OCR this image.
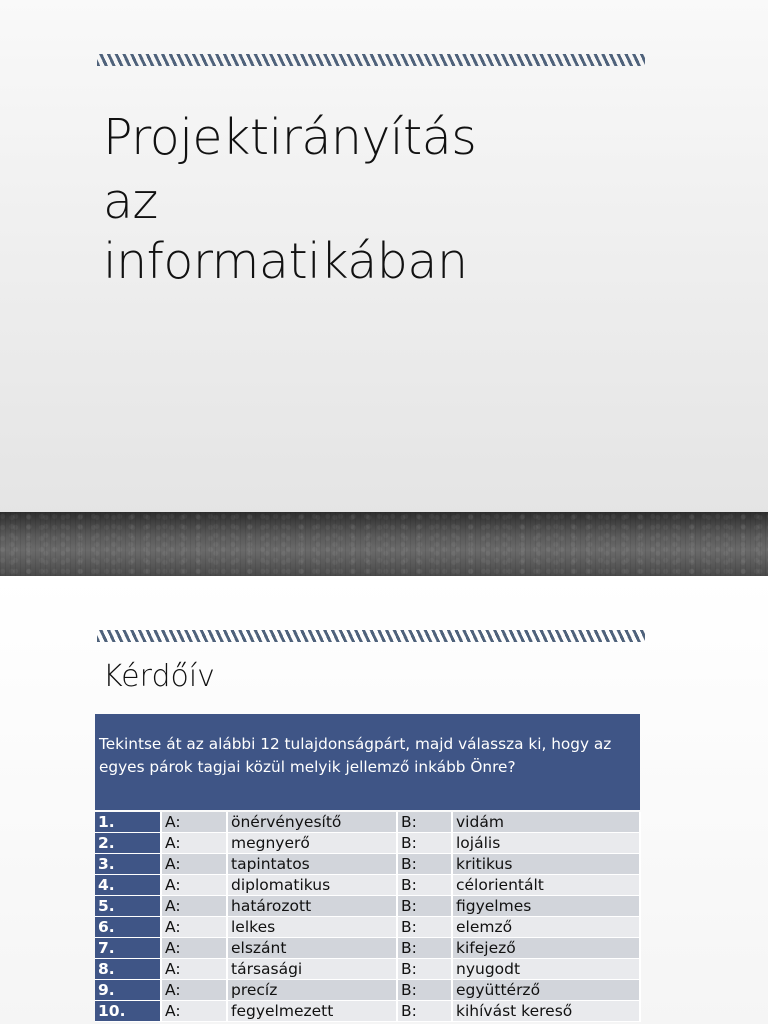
Projektirányítás
az
informatikában
Kérdőív
Tekintse át az alábbi 12 tulajdonságpárt, majd válassza ki, hogy az egyes párok tagjai közül melyik jellemző inkább Önre?
1.	A:	önérvényesítő	B:	vidám
2.	A:	megnyerő	B:	lojális
3.	A:	tapintatos	B:	kritikus
4.	A:	diplomatikus	B:	célorientált
5.	A:	határozott	B:	figyelmes
6.	A:	lelkes	B:	elemző
7.	A:	elszánt	B:	kifejező
8.	A:	társasági	B:	nyugodt
9.	A:	precíz	B:	együttérző
10.	A:	fegyelmezett	B:	kihívást kereső
